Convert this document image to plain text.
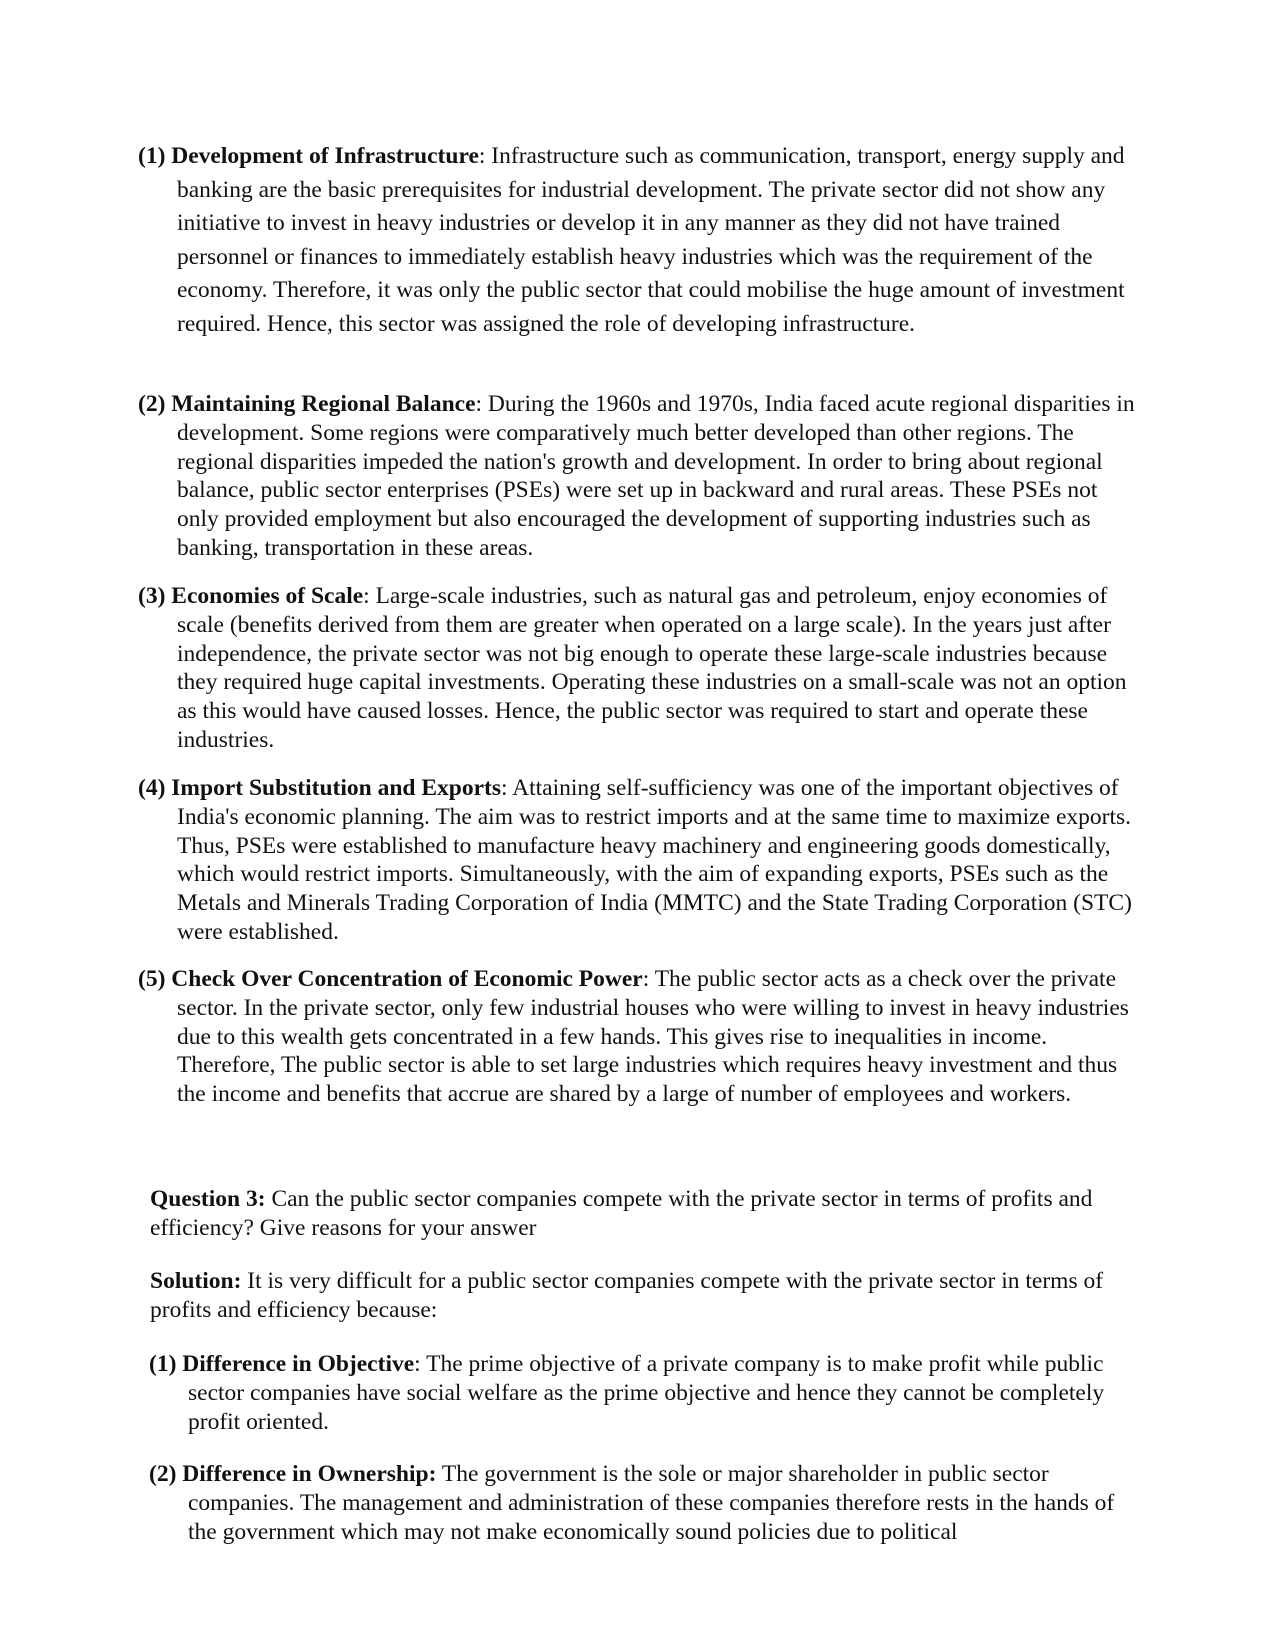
(1) Development of Infrastructure: Infrastructure such as communication, transport, energy supply and banking are the basic prerequisites for industrial development. The private sector did not show any initiative to invest in heavy industries or develop it in any manner as they did not have trained personnel or finances to immediately establish heavy industries which was the requirement of the economy. Therefore, it was only the public sector that could mobilise the huge amount of investment required. Hence, this sector was assigned the role of developing infrastructure.

(2) Maintaining Regional Balance: During the 1960s and 1970s, India faced acute regional disparities in development. Some regions were comparatively much better developed than other regions. The regional disparities impeded the nation's growth and development. In order to bring about regional balance, public sector enterprises (PSEs) were set up in backward and rural areas. These PSEs not only provided employment but also encouraged the development of supporting industries such as banking, transportation in these areas.

(3) Economies of Scale: Large-scale industries, such as natural gas and petroleum, enjoy economies of scale (benefits derived from them are greater when operated on a large scale). In the years just after independence, the private sector was not big enough to operate these large-scale industries because they required huge capital investments. Operating these industries on a small-scale was not an option as this would have caused losses. Hence, the public sector was required to start and operate these industries.

(4) Import Substitution and Exports: Attaining self-sufficiency was one of the important objectives of India's economic planning. The aim was to restrict imports and at the same time to maximize exports. Thus, PSEs were established to manufacture heavy machinery and engineering goods domestically, which would restrict imports. Simultaneously, with the aim of expanding exports, PSEs such as the Metals and Minerals Trading Corporation of India (MMTC) and the State Trading Corporation (STC) were established.

(5) Check Over Concentration of Economic Power: The public sector acts as a check over the private sector. In the private sector, only few industrial houses who were willing to invest in heavy industries due to this wealth gets concentrated in a few hands. This gives rise to inequalities in income. Therefore, The public sector is able to set large industries which requires heavy investment and thus the income and benefits that accrue are shared by a large of number of employees and workers.

Question 3: Can the public sector companies compete with the private sector in terms of profits and efficiency? Give reasons for your answer

Solution: It is very difficult for a public sector companies compete with the private sector in terms of profits and efficiency because:

(1) Difference in Objective: The prime objective of a private company is to make profit while public sector companies have social welfare as the prime objective and hence they cannot be completely profit oriented.

(2) Difference in Ownership: The government is the sole or major shareholder in public sector companies. The management and administration of these companies therefore rests in the hands of the government which may not make economically sound policies due to political
